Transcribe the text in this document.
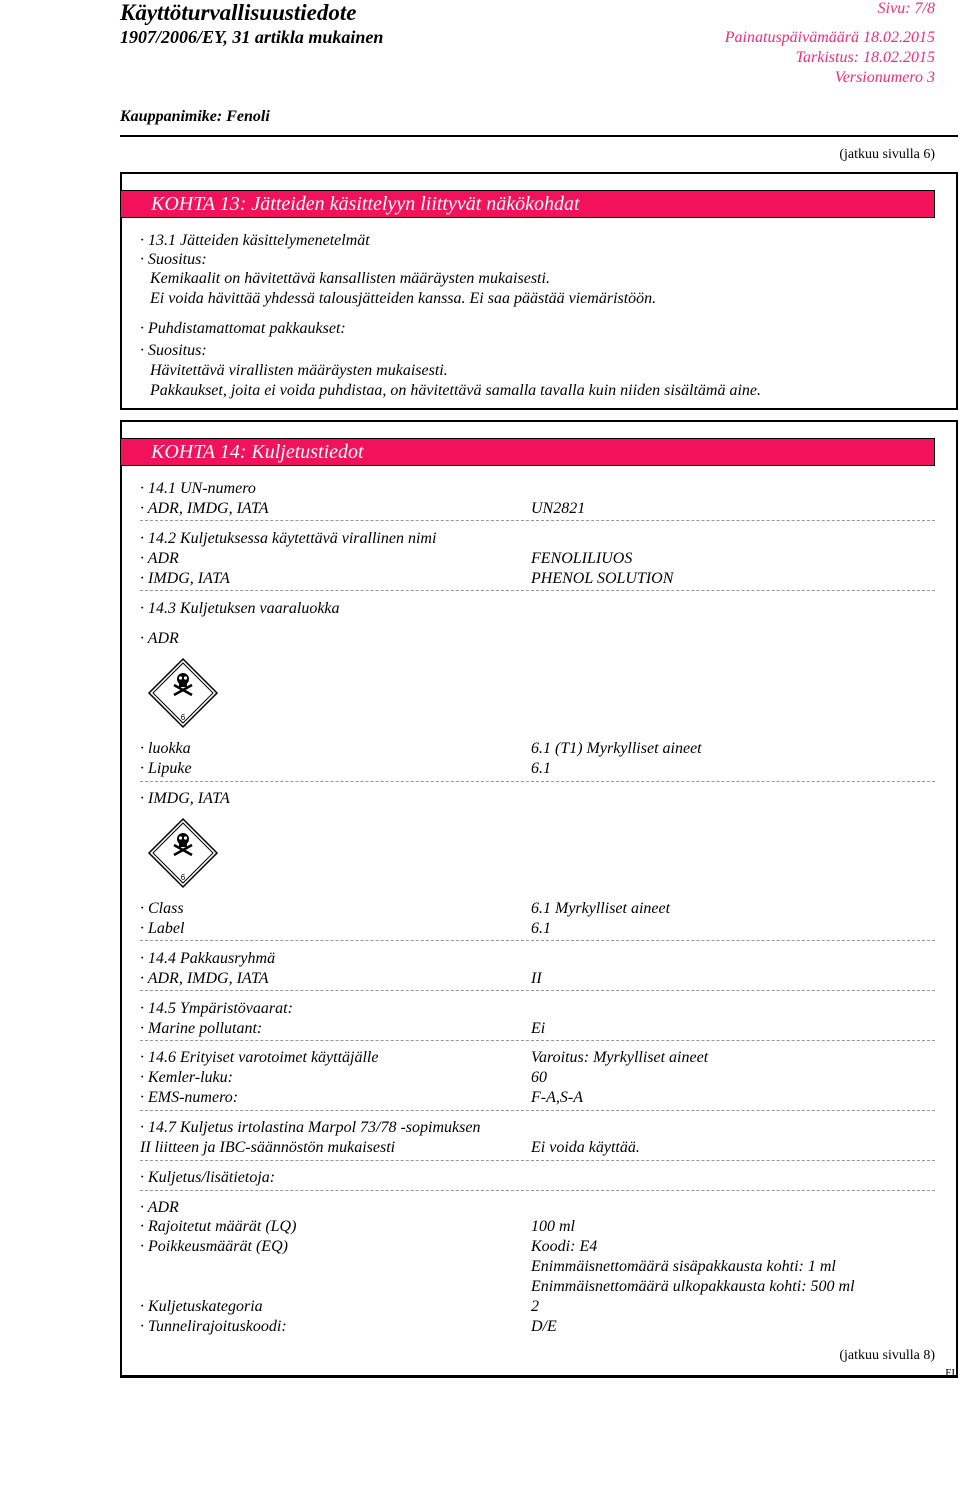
Käyttöturvallisuustiedote
1907/2006/EY, 31 artikla mukainen
Sivu: 7/8
Painatuspäivämäärä 18.02.2015
Tarkistus: 18.02.2015
Versionumero 3
Kauppanimike: Fenoli
(jatkuu sivulla 6)
KOHTA 13: Jätteiden käsittelyyn liittyvät näkökohdat
· 13.1 Jätteiden käsittelymenetelmät
· Suositus:
Kemikaalit on hävitettävä kansallisten määräysten mukaisesti.
Ei voida hävittää yhdessä talousjätteiden kanssa. Ei saa päästää viemäristöön.
· Puhdistamattomat pakkaukset:
· Suositus:
Hävitettävä virallisten määräysten mukaisesti.
Pakkaukset, joita ei voida puhdistaa, on hävitettävä samalla tavalla kuin niiden sisältämä aine.
KOHTA 14: Kuljetustiedot
· 14.1 UN-numero
· ADR, IMDG, IATA	UN2821
· 14.2 Kuljetuksessa käytettävä virallinen nimi
· ADR	FENOLILIUOS
· IMDG, IATA	PHENOL SOLUTION
· 14.3 Kuljetuksen vaaraluokka
· ADR
6
· luokka	6.1 (T1) Myrkylliset aineet
· Lipuke	6.1
· IMDG, IATA
6
· Class	6.1 Myrkylliset aineet
· Label	6.1
· 14.4 Pakkausryhmä
· ADR, IMDG, IATA	II
· 14.5 Ympäristövaarat:
· Marine pollutant:	Ei
· 14.6 Erityiset varotoimet käyttäjälle	Varoitus: Myrkylliset aineet
· Kemler-luku:	60
· EMS-numero:	F-A,S-A
· 14.7 Kuljetus irtolastina Marpol 73/78 -sopimuksen
II liitteen ja IBC-säännöstön mukaisesti	Ei voida käyttää.
· Kuljetus/lisätietoja:
· ADR
· Rajoitetut määrät (LQ)	100 ml
· Poikkeusmäärät (EQ)	Koodi: E4
Enimmäisnettomäärä sisäpakkausta kohti: 1 ml
Enimmäisnettomäärä ulkopakkausta kohti: 500 ml
· Kuljetuskategoria	2
· Tunnelirajoituskoodi:	D/E
(jatkuu sivulla 8)
FI
